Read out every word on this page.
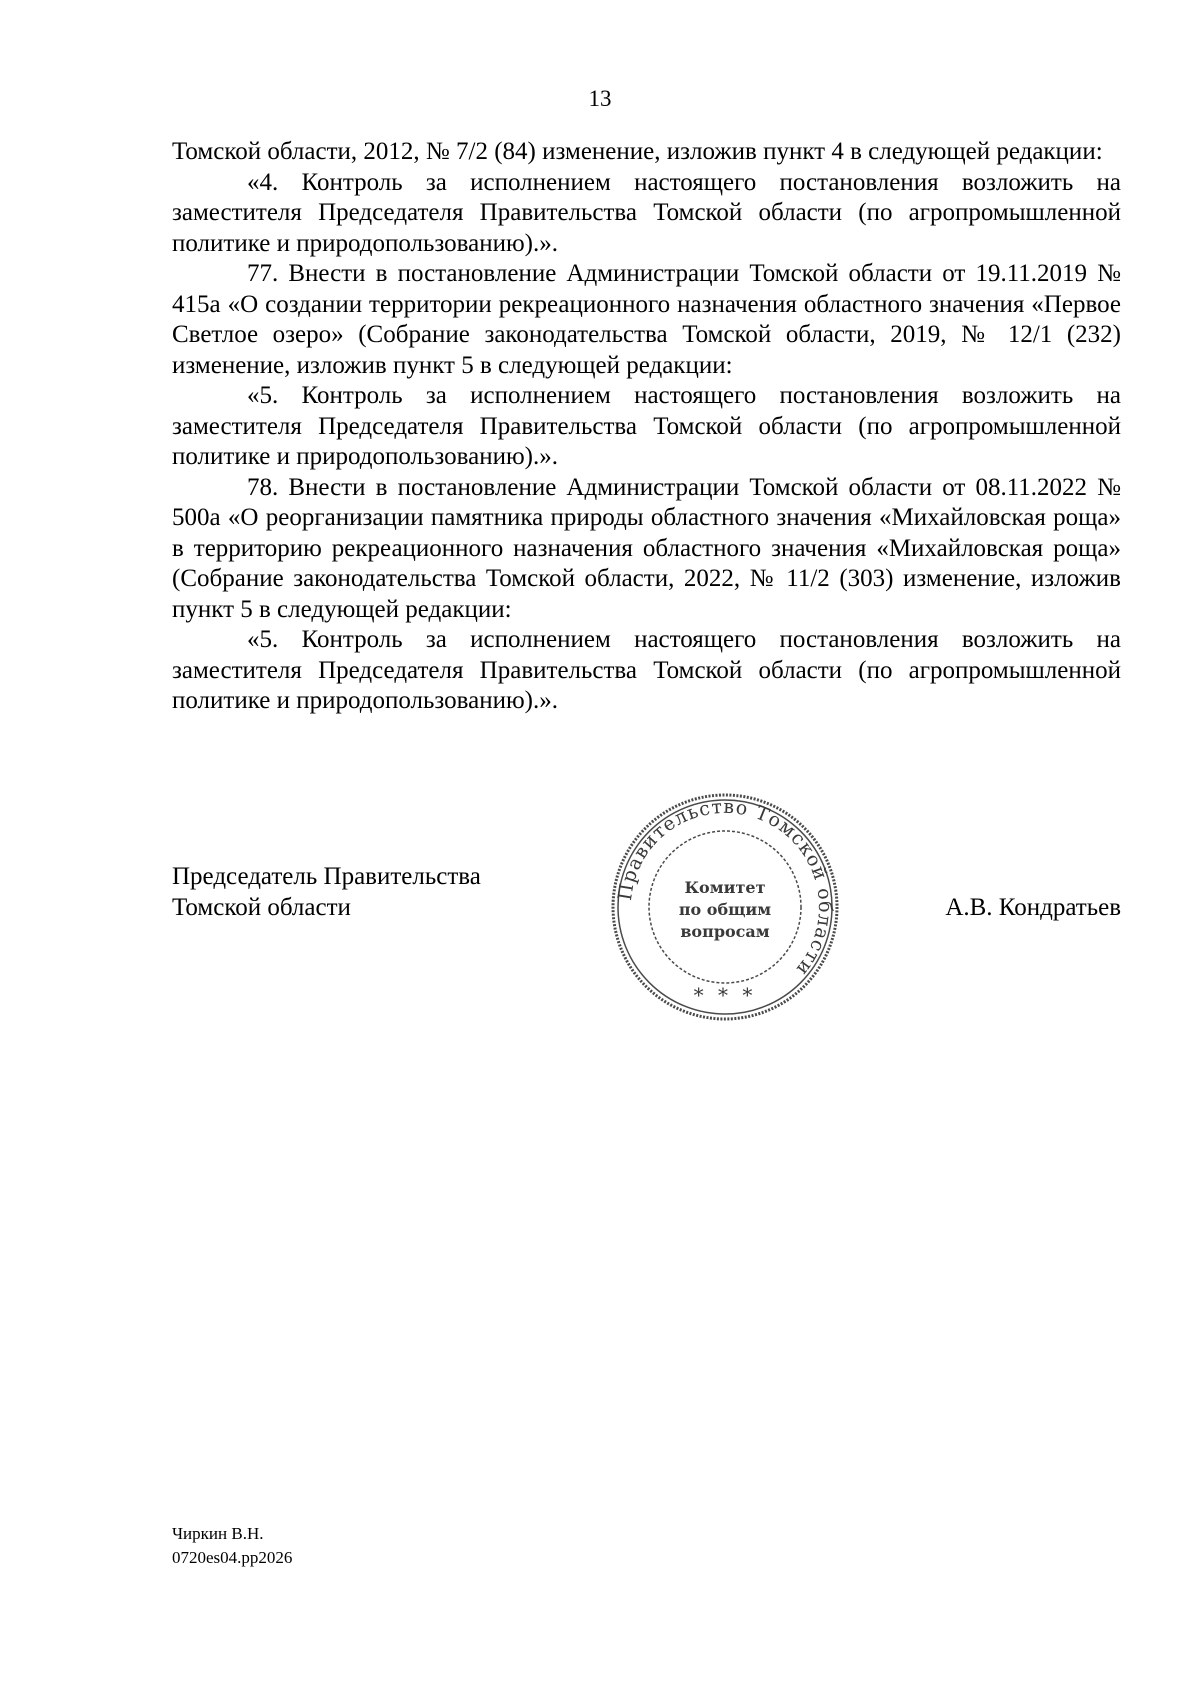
13

Томской области, 2012, № 7/2 (84) изменение, изложив пункт 4 в следующей редакции:

«4. Контроль за исполнением настоящего постановления возложить на заместителя Председателя Правительства Томской области (по агропромышленной политике и природопользованию).».

77. Внести в постановление Администрации Томской области от 19.11.2019 № 415а «О создании территории рекреационного назначения областного значения «Первое Светлое озеро» (Собрание законодательства Томской области, 2019, № 12/1 (232) изменение, изложив пункт 5 в следующей редакции:

«5. Контроль за исполнением настоящего постановления возложить на заместителя Председателя Правительства Томской области (по агропромышленной политике и природопользованию).».

78. Внести в постановление Администрации Томской области от 08.11.2022 № 500а «О реорганизации памятника природы областного значения «Михайловская роща» в территорию рекреационного назначения областного значения «Михайловская роща» (Собрание законодательства Томской области, 2022, № 11/2 (303) изменение, изложив пункт 5 в следующей редакции:

«5. Контроль за исполнением настоящего постановления возложить на заместителя Председателя Правительства Томской области (по агропромышленной политике и природопользованию).».

Председатель Правительства
Томской области
Правительство Томской области
Комитет
по общим
вопросам
* * *
А.В. Кондратьев
Чиркин В.Н.
0720es04.pp2026
